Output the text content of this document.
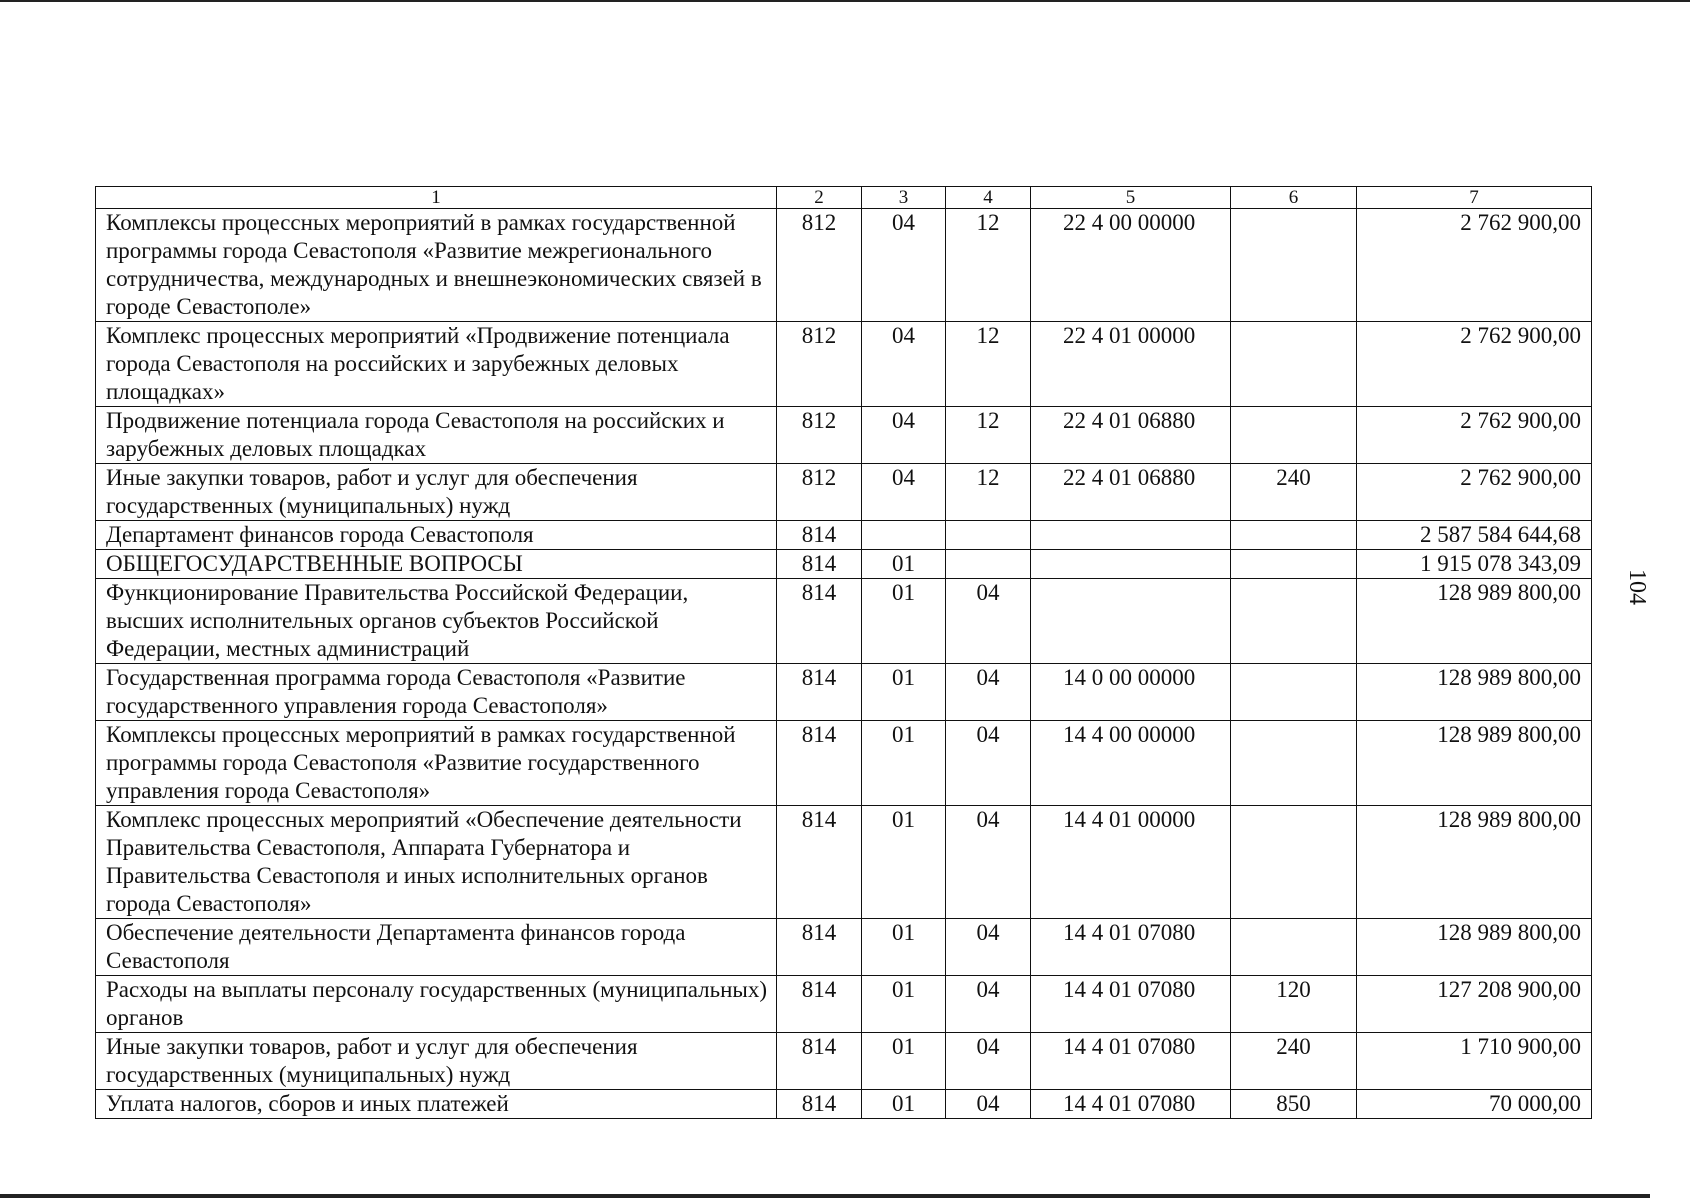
104
1	2	3	4	5	6	7
Комплексы процессных мероприятий в рамках государственной программы города Севастополя «Развитие межрегионального сотрудничества, международных и внешнеэкономических связей в городе Севастополе»	812	04	12	22 4 00 00000		2 762 900,00
Комплекс процессных мероприятий «Продвижение потенциала города Севастополя на российских и зарубежных деловых площадках»	812	04	12	22 4 01 00000		2 762 900,00
Продвижение потенциала города Севастополя на российских и зарубежных деловых площадках	812	04	12	22 4 01 06880		2 762 900,00
Иные закупки товаров, работ и услуг для обеспечения государственных (муниципальных) нужд	812	04	12	22 4 01 06880	240	2 762 900,00
Департамент финансов города Севастополя	814					2 587 584 644,68
ОБЩЕГОСУДАРСТВЕННЫЕ ВОПРОСЫ	814	01				1 915 078 343,09
Функционирование Правительства Российской Федерации, высших исполнительных органов субъектов Российской Федерации, местных администраций	814	01	04			128 989 800,00
Государственная программа города Севастополя «Развитие государственного управления города Севастополя»	814	01	04	14 0 00 00000		128 989 800,00
Комплексы процессных мероприятий в рамках государственной программы города Севастополя «Развитие государственного управления города Севастополя»	814	01	04	14 4 00 00000		128 989 800,00
Комплекс процессных мероприятий «Обеспечение деятельности Правительства Севастополя, Аппарата Губернатора и Правительства Севастополя и иных исполнительных органов города Севастополя»	814	01	04	14 4 01 00000		128 989 800,00
Обеспечение деятельности Департамента финансов города Севастополя	814	01	04	14 4 01 07080		128 989 800,00
Расходы на выплаты персоналу государственных (муниципальных) органов	814	01	04	14 4 01 07080	120	127 208 900,00
Иные закупки товаров, работ и услуг для обеспечения государственных (муниципальных) нужд	814	01	04	14 4 01 07080	240	1 710 900,00
Уплата налогов, сборов и иных платежей	814	01	04	14 4 01 07080	850	70 000,00
